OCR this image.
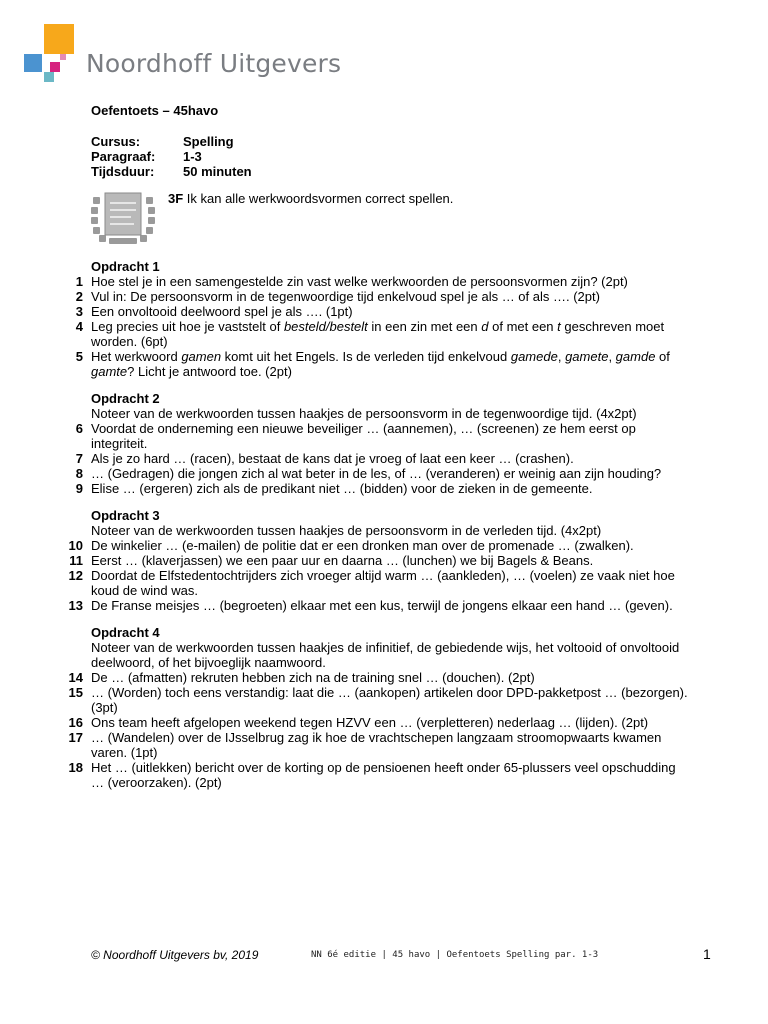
Noordhoff Uitgevers
Oefentoets – 45havo
Cursus:	Spelling
Paragraaf:	1-3
Tijdsduur:	50 minuten
3F Ik kan alle werkwoordsvormen correct spellen.
Opdracht 1
1 Hoe stel je in een samengestelde zin vast welke werkwoorden de persoonsvormen zijn? (2pt)
2 Vul in: De persoonsvorm in de tegenwoordige tijd enkelvoud spel je als … of als …. (2pt)
3 Een onvoltooid deelwoord spel je als …. (1pt)
4 Leg precies uit hoe je vaststelt of besteld/bestelt in een zin met een d of met een t geschreven moet worden. (6pt)
5 Het werkwoord gamen komt uit het Engels. Is de verleden tijd enkelvoud gamede, gamete, gamde of gamte? Licht je antwoord toe. (2pt)
Opdracht 2
Noteer van de werkwoorden tussen haakjes de persoonsvorm in de tegenwoordige tijd. (4x2pt)
6 Voordat de onderneming een nieuwe beveiliger … (aannemen), … (screenen) ze hem eerst op integriteit.
7 Als je zo hard … (racen), bestaat de kans dat je vroeg of laat een keer … (crashen).
8 … (Gedragen) die jongen zich al wat beter in de les, of … (veranderen) er weinig aan zijn houding?
9 Elise … (ergeren) zich als de predikant niet … (bidden) voor de zieken in de gemeente.
Opdracht 3
Noteer van de werkwoorden tussen haakjes de persoonsvorm in de verleden tijd. (4x2pt)
10 De winkelier … (e-mailen) de politie dat er een dronken man over de promenade … (zwalken).
11 Eerst … (klaverjassen) we een paar uur en daarna … (lunchen) we bij Bagels & Beans.
12 Doordat de Elfstedentochtrijders zich vroeger altijd warm … (aankleden), … (voelen) ze vaak niet hoe koud de wind was.
13 De Franse meisjes … (begroeten) elkaar met een kus, terwijl de jongens elkaar een hand … (geven).
Opdracht 4
Noteer van de werkwoorden tussen haakjes de infinitief, de gebiedende wijs, het voltooid of onvoltooid deelwoord, of het bijvoeglijk naamwoord.
14 De … (afmatten) rekruten hebben zich na de training snel … (douchen). (2pt)
15 … (Worden) toch eens verstandig: laat die … (aankopen) artikelen door DPD-pakketpost … (bezorgen). (3pt)
16 Ons team heeft afgelopen weekend tegen HZVV een … (verpletteren) nederlaag … (lijden). (2pt)
17 … (Wandelen) over de IJsselbrug zag ik hoe de vrachtschepen langzaam stroomopwaarts kwamen varen. (1pt)
18 Het … (uitlekken) bericht over de korting op de pensioenen heeft onder 65-plussers veel opschudding … (veroorzaken). (2pt)
© Noordhoff Uitgevers bv, 2019	NN 6é editie | 45 havo | Oefentoets Spelling par. 1-3	1
